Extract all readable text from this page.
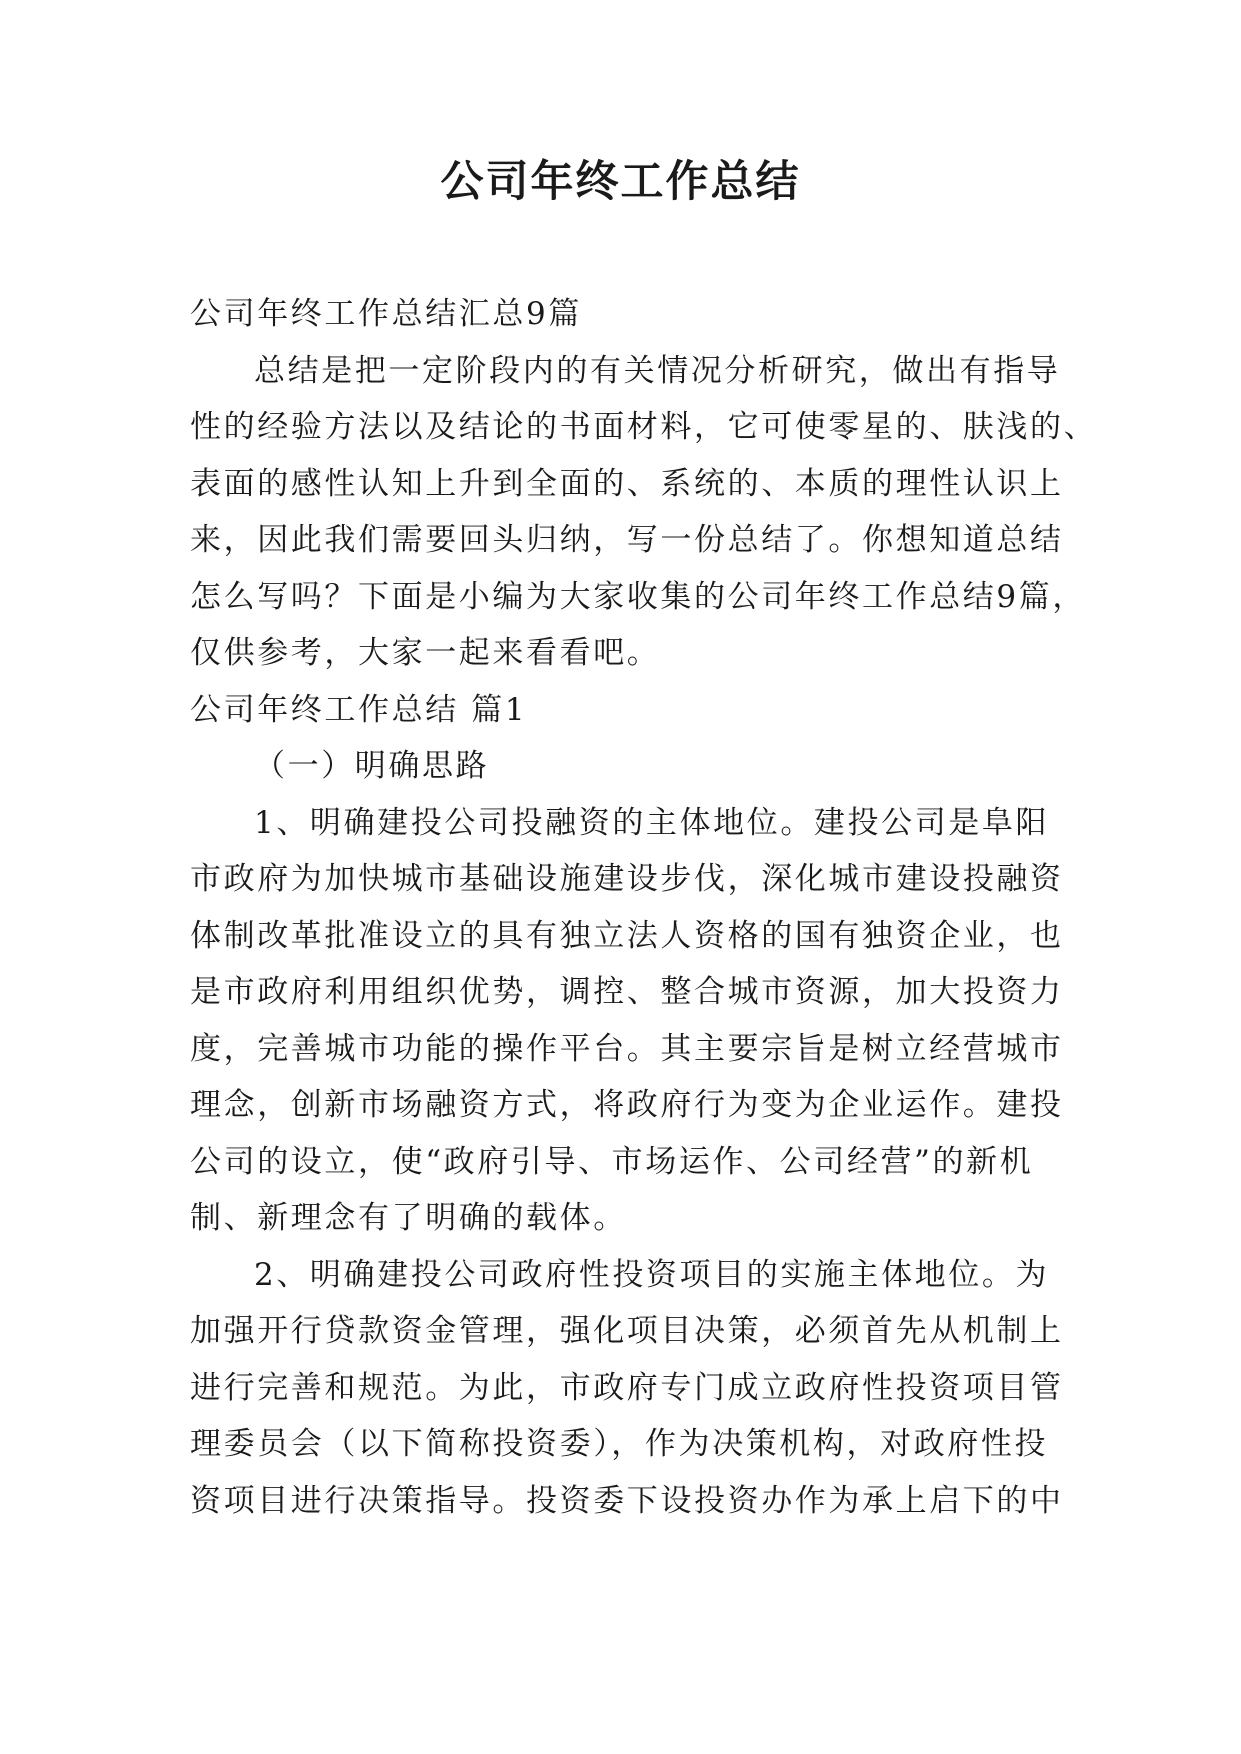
公司年终工作总结

公司年终工作总结汇总9篇

总结是把一定阶段内的有关情况分析研究，做出有指导

性的经验方法以及结论的书面材料，它可使零星的、肤浅的、

表面的感性认知上升到全面的、系统的、本质的理性认识上

来，因此我们需要回头归纳，写一份总结了。你想知道总结

怎么写吗？下面是小编为大家收集的公司年终工作总结9篇，

仅供参考，大家一起来看看吧。

公司年终工作总结 篇1

（一）明确思路

1、明确建投公司投融资的主体地位。建投公司是阜阳

市政府为加快城市基础设施建设步伐，深化城市建设投融资

体制改革批准设立的具有独立法人资格的国有独资企业，也

是市政府利用组织优势，调控、整合城市资源，加大投资力

度，完善城市功能的操作平台。其主要宗旨是树立经营城市

理念，创新市场融资方式，将政府行为变为企业运作。建投

公司的设立，使“政府引导、市场运作、公司经营”的新机

制、新理念有了明确的载体。

2、明确建投公司政府性投资项目的实施主体地位。为

加强开行贷款资金管理，强化项目决策，必须首先从机制上

进行完善和规范。为此，市政府专门成立政府性投资项目管

理委员会（以下简称投资委），作为决策机构，对政府性投

资项目进行决策指导。投资委下设投资办作为承上启下的中
